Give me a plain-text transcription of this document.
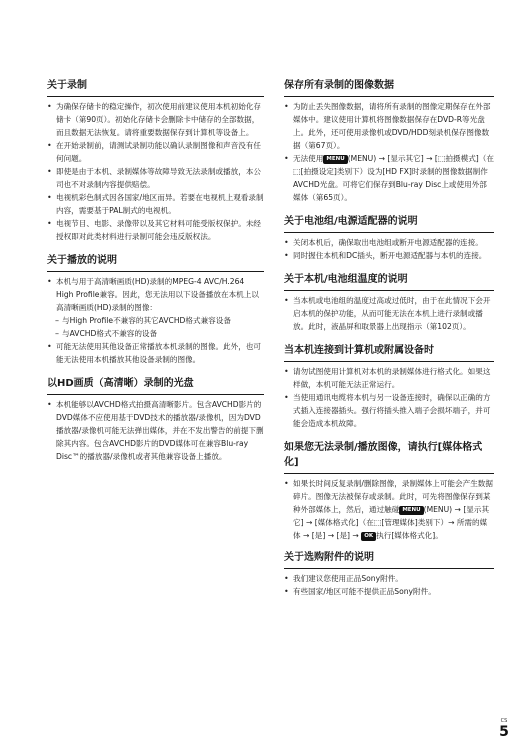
关于录制
• 为确保存储卡的稳定操作，初次使用前建议使用本机初始化存储卡（第90页）。初始化存储卡会删除卡中储存的全部数据，而且数据无法恢复。请将重要数据保存到计算机等设备上。
• 在开始录制前，请测试录制功能以确认录制图像和声音没有任何问题。
• 即使是由于本机、录制媒体等故障导致无法录制或播放，本公司也不对录制内容提供赔偿。
• 电视机彩色制式因各国家/地区而异。若要在电视机上观看录制内容，需要基于PAL制式的电视机。
• 电视节目、电影、录像带以及其它材料可能受版权保护。未经授权即对此类材料进行录制可能会违反版权法。
关于播放的说明
• 本机与用于高清晰画质(HD)录制的MPEG-4 AVC/H.264 High Profile兼容。因此，您无法用以下设备播放在本机上以高清晰画质(HD)录制的图像：
– 与High Profile不兼容的其它AVCHD格式兼容设备
– 与AVCHD格式不兼容的设备
• 可能无法使用其他设备正常播放本机录制的图像。此外，也可能无法使用本机播放其他设备录制的图像。
以HD画质（高清晰）录制的光盘
• 本机能够以AVCHD格式拍摄高清晰影片。包含AVCHD影片的DVD媒体不应使用基于DVD技术的播放器/录像机，因为DVD播放器/录像机可能无法弹出媒体，并在不发出警告的前提下删除其内容。包含AVCHD影片的DVD媒体可在兼容Blu-ray Disc™的播放器/录像机或者其他兼容设备上播放。
保存所有录制的图像数据
• 为防止丢失图像数据，请将所有录制的图像定期保存在外部媒体中。建议使用计算机将图像数据保存在DVD-R等光盘上。此外，还可使用录像机或DVD/HDD刻录机保存图像数据（第67页）。
• 无法使用 MENU (MENU) → [显示其它] → [⬚拍摄模式]（在⬚[拍摄设定]类别下）设为[HD FX]时录制的图像数据制作AVCHD光盘。可将它们保存到Blu-ray Disc上或使用外部媒体（第65页）。
关于电池组/电源适配器的说明
• 关闭本机后，确保取出电池组或断开电源适配器的连接。
• 同时握住本机和DC插头，断开电源适配器与本机的连接。
关于本机/电池组温度的说明
• 当本机或电池组的温度过高或过低时，由于在此情况下会开启本机的保护功能，从而可能无法在本机上进行录制或播放。此时，液晶屏和取景器上出现指示（第102页）。
当本机连接到计算机或附属设备时
• 请勿试图使用计算机对本机的录制媒体进行格式化。如果这样做，本机可能无法正常运行。
• 当使用通讯电缆将本机与另一设备连接时，确保以正确的方式插入连接器插头。强行将插头推入端子会损坏端子，并可能会造成本机故障。
如果您无法录制/播放图像，请执行[媒体格式化]
• 如果长时间反复录制/删除图像，录制媒体上可能会产生数据碎片。图像无法被保存或录制。此时，可先将图像保存到某种外部媒体上，然后，通过触碰 MENU (MENU) → [显示其它] → [媒体格式化]（在⬚[管理媒体]类别下）→ 所需的媒体 → [是] → [是] → OK 执行[媒体格式化]。
关于选购附件的说明
• 我们建议您使用正品Sony附件。
• 有些国家/地区可能不提供正品Sony附件。
CS
5
